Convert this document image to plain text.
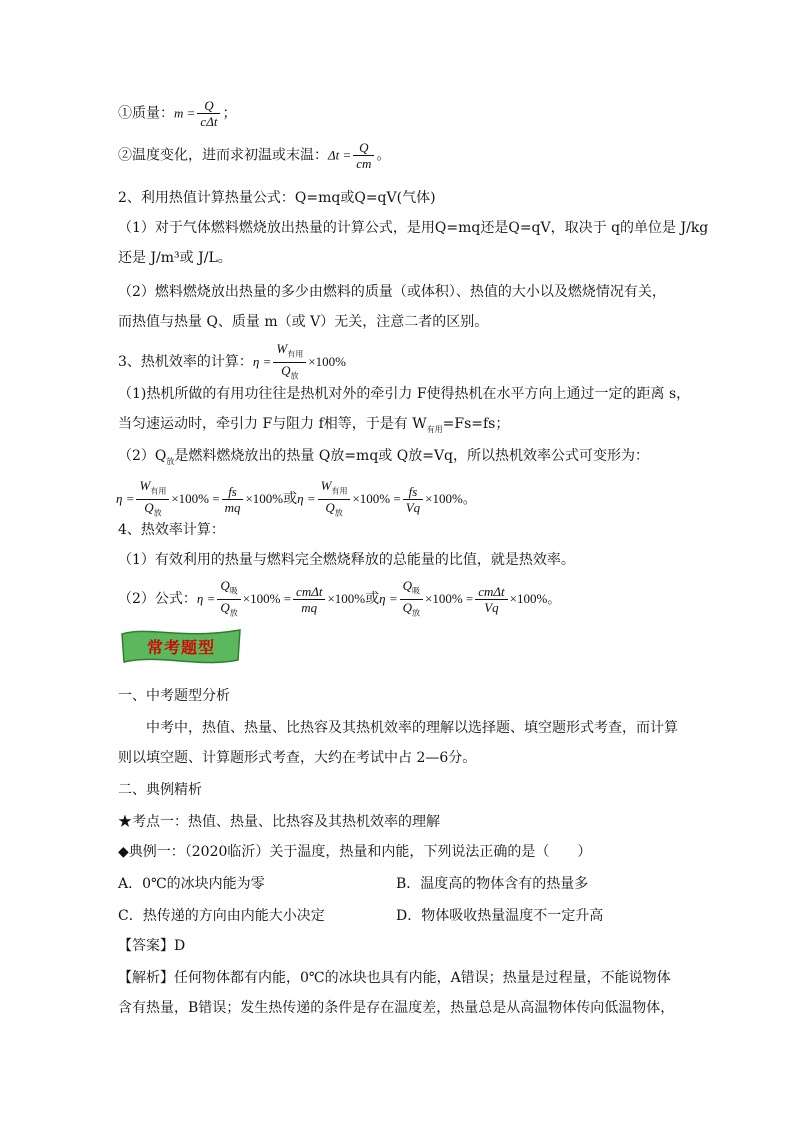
①质量：$m = \frac{Q}{\text{cΔt}}$ ；
②温度变化，进而求初温或末温：$\Delta t = \frac{Q}{cm}$ 。
2、利用热值计算热量公式：Q=mq或Q=qV(气体)
（1）对于气体燃料燃烧放出热量的计算公式，是用Q=mq还是Q=qV，取决于 q的单位是 J/kg
还是 J/m³或 J/L。
（2）燃料燃烧放出热量的多少由燃料的质量（或体积）、热值的大小以及燃烧情况有关，
而热值与热量 Q、质量 m（或 V）无关，注意二者的区别。
3、热机效率的计算：$\eta = \frac{W_{有用}}{Q_放} \times 100\%$
（1)热机所做的有用功往往是热机对外的牵引力 F使得热机在水平方向上通过一定的距离 s，
当匀速运动时，牵引力 F与阻力 f相等，于是有 $W_{有用}=Fs=fs$；
$(2)Q_放$是燃料燃烧放出的热量 Q放=mq或 Q放=Vq，所以热机效率公式可变形为：
$\eta = \frac{W_{有用}}{Q_放} \times 100\% = \frac{fs}{mq} \times 100\%$或$\eta = \frac{W_{有用}}{Q_放} \times 100\% = \frac{fs}{Vq} \times 100\%$。
4、热效率计算：
（1）有效利用的热量与燃料完全燃烧释放的总能量的比值，就是热效率。
（2）公式：$\eta = \frac{Q_吸}{Q_放} \times 100\% = \frac{\text{cmΔt}}{mq} \times 100\%$或$\eta = \frac{Q_吸}{Q_放} \times 100\% = \frac{\text{cmΔt}}{Vq} \times 100\%$。
常考题型
一、中考题型分析
中考中，热值、热量、比热容及其热机效率的理解以选择题、填空题形式考查，而计算
则以填空题、计算题形式考查，大约在考试中占 2—6分。
二、典例精析
★考点一：热值、热量、比热容及其热机效率的理解
◆典例一：（2020临沂）关于温度，热量和内能，下列说法正确的是（　　）
A．0℃的冰块内能为零	B．温度高的物体含有的热量多
C．热传递的方向由内能大小决定	D．物体吸收热量温度不一定升高
【答案】D
【解析】任何物体都有内能，0℃的冰块也具有内能，A错误；热量是过程量，不能说物体
含有热量，B错误；发生热传递的条件是存在温度差，热量总是从高温物体传向低温物体，
